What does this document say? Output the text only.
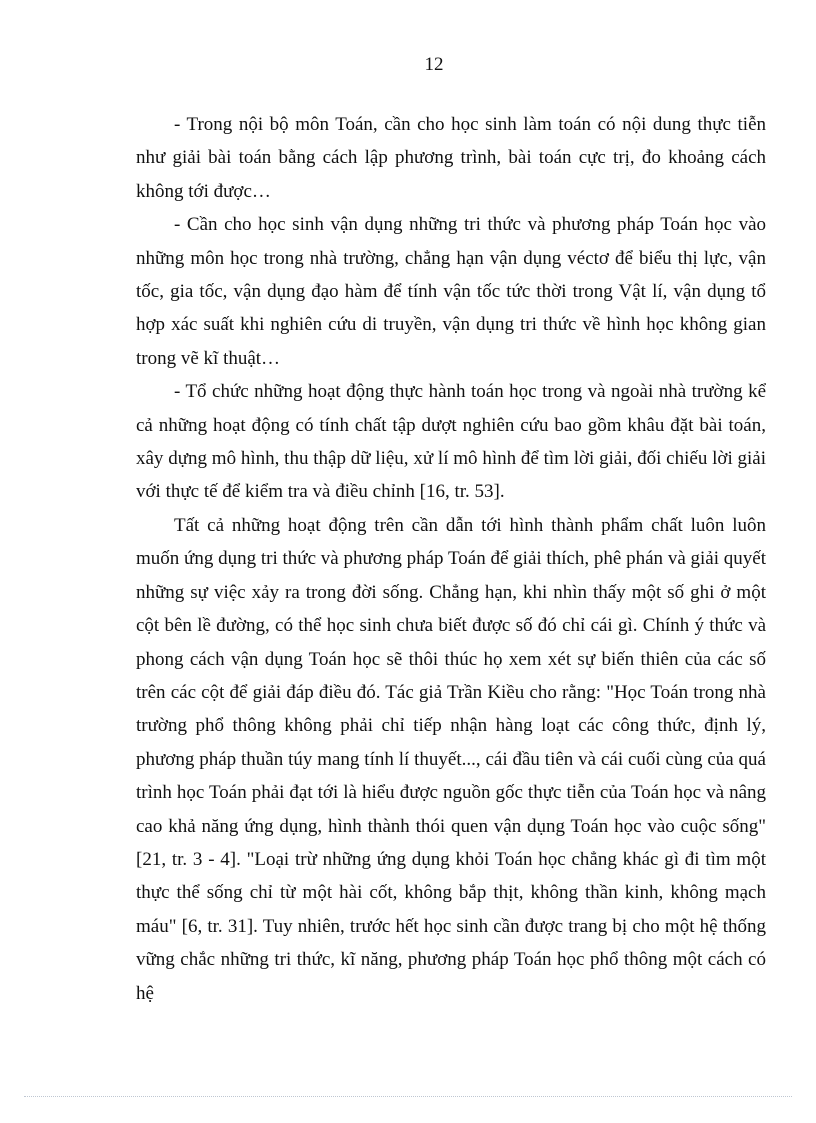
12

- Trong nội bộ môn Toán, cần cho học sinh làm toán có nội dung thực tiễn như giải bài toán bằng cách lập phương trình, bài toán cực trị, đo khoảng cách không tới được…

- Cần cho học sinh vận dụng những tri thức và phương pháp Toán học vào những môn học trong nhà trường, chẳng hạn vận dụng véctơ để biểu thị lực, vận tốc, gia tốc, vận dụng đạo hàm để tính vận tốc tức thời trong Vật lí, vận dụng tổ hợp xác suất khi nghiên cứu di truyền, vận dụng tri thức về hình học không gian trong vẽ kĩ thuật…

- Tổ chức những hoạt động thực hành toán học trong và ngoài nhà trường kể cả những hoạt động có tính chất tập dượt nghiên cứu bao gồm khâu đặt bài toán, xây dựng mô hình, thu thập dữ liệu, xử lí mô hình để tìm lời giải, đối chiếu lời giải với thực tế để kiểm tra và điều chỉnh [16, tr. 53].

Tất cả những hoạt động trên cần dẫn tới hình thành phẩm chất luôn luôn muốn ứng dụng tri thức và phương pháp Toán để giải thích, phê phán và giải quyết những sự việc xảy ra trong đời sống. Chẳng hạn, khi nhìn thấy một số ghi ở một cột bên lề đường, có thể học sinh chưa biết được số đó chỉ cái gì. Chính ý thức và phong cách vận dụng Toán học sẽ thôi thúc họ xem xét sự biến thiên của các số trên các cột để giải đáp điều đó. Tác giả Trần Kiều cho rằng: "Học Toán trong nhà trường phổ thông không phải chỉ tiếp nhận hàng loạt các công thức, định lý, phương pháp thuần túy mang tính lí thuyết..., cái đầu tiên và cái cuối cùng của quá trình học Toán phải đạt tới là hiểu được nguồn gốc thực tiễn của Toán học và nâng cao khả năng ứng dụng, hình thành thói quen vận dụng Toán học vào cuộc sống" [21, tr. 3 - 4]. "Loại trừ những ứng dụng khỏi Toán học chẳng khác gì đi tìm một thực thể sống chỉ từ một hài cốt, không bắp thịt, không thần kinh, không mạch máu" [6, tr. 31]. Tuy nhiên, trước hết học sinh cần được trang bị cho một hệ thống vững chắc những tri thức, kĩ năng, phương pháp Toán học phổ thông một cách có hệ
